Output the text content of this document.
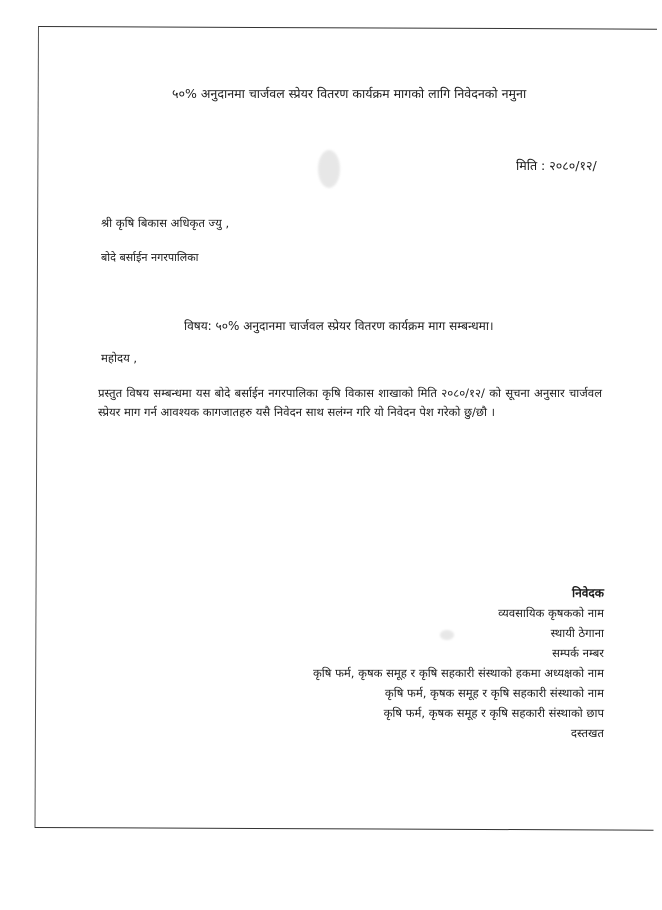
५०% अनुदानमा चार्जवल स्प्रेयर वितरण कार्यक्रम मागको लागि निवेदनको नमुना
मिति : २०८०/१२/
श्री कृषि बिकास अधिकृत ज्यु ,
बोदे बर्साईन नगरपालिका
विषय: ५०% अनुदानमा चार्जवल स्प्रेयर वितरण कार्यक्रम माग सम्बन्धमा।
महोदय ,
प्रस्तुत विषय सम्बन्धमा यस बोदे बर्साईन नगरपालिका कृषि विकास शाखाको मिति २०८०/१२/ को सूचना अनुसार चार्जवल स्प्रेयर माग गर्न आवश्यक कागजातहरु यसै निवेदन साथ सलंग्न गरि यो निवेदन पेश गरेको छु/छौ ।
निवेदक
व्यवसायिक कृषकको नाम
स्थायी ठेगाना
सम्पर्क नम्बर
कृषि फर्म, कृषक समूह र कृषि सहकारी संस्थाको हकमा अध्यक्षको नाम
कृषि फर्म, कृषक समूह र कृषि सहकारी संस्थाको नाम
कृषि फर्म, कृषक समूह र कृषि सहकारी संस्थाको छाप
दस्तखत
